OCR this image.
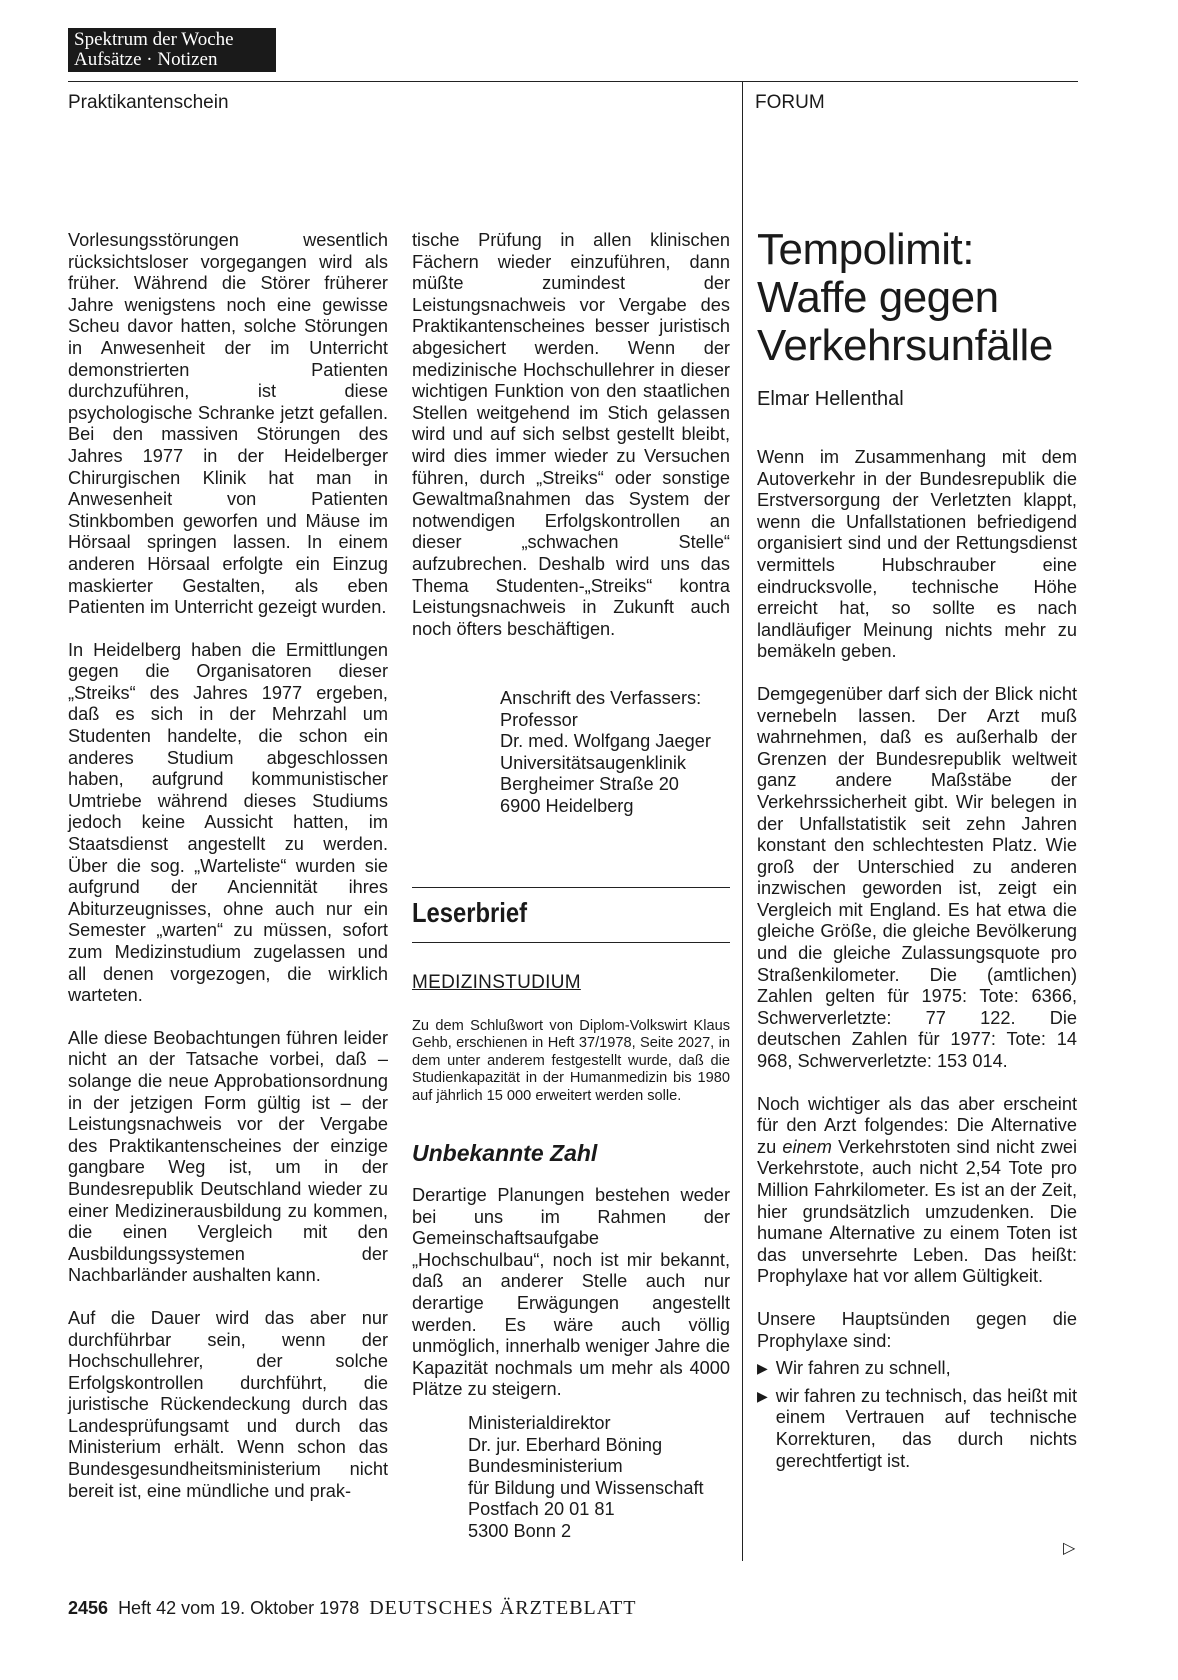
Spektrum der Woche
Aufsätze · Notizen
Praktikantenschein	FORUM

Vorlesungsstörungen wesentlich rücksichtsloser vorgegangen wird als früher. Während die Störer früherer Jahre wenigstens noch eine gewisse Scheu davor hatten, solche Störungen in Anwesenheit der im Unterricht demonstrierten Patienten durchzuführen, ist diese psychologische Schranke jetzt gefallen. Bei den massiven Störungen des Jahres 1977 in der Heidelberger Chirurgischen Klinik hat man in Anwesenheit von Patienten Stinkbomben geworfen und Mäuse im Hörsaal springen lassen. In einem anderen Hörsaal erfolgte ein Einzug maskierter Gestalten, als eben Patienten im Unterricht gezeigt wurden.

In Heidelberg haben die Ermittlungen gegen die Organisatoren dieser „Streiks“ des Jahres 1977 ergeben, daß es sich in der Mehrzahl um Studenten handelte, die schon ein anderes Studium abgeschlossen haben, aufgrund kommunistischer Umtriebe während dieses Studiums jedoch keine Aussicht hatten, im Staatsdienst angestellt zu werden. Über die sog. „Warteliste“ wurden sie aufgrund der Anciennität ihres Abiturzeugnisses, ohne auch nur ein Semester „warten“ zu müssen, sofort zum Medizinstudium zugelassen und all denen vorgezogen, die wirklich warteten.

Alle diese Beobachtungen führen leider nicht an der Tatsache vorbei, daß – solange die neue Approbationsordnung in der jetzigen Form gültig ist – der Leistungsnachweis vor der Vergabe des Praktikantenscheines der einzige gangbare Weg ist, um in der Bundesrepublik Deutschland wieder zu einer Medizinerausbildung zu kommen, die einen Vergleich mit den Ausbildungssystemen der Nachbarländer aushalten kann.

Auf die Dauer wird das aber nur durchführbar sein, wenn der Hochschullehrer, der solche Erfolgskontrollen durchführt, die juristische Rückendeckung durch das Landesprüfungsamt und durch das Ministerium erhält. Wenn schon das Bundesgesundheitsministerium nicht bereit ist, eine mündliche und prak-

tische Prüfung in allen klinischen Fächern wieder einzuführen, dann müßte zumindest der Leistungsnachweis vor Vergabe des Praktikantenscheines besser juristisch abgesichert werden. Wenn der medizinische Hochschullehrer in dieser wichtigen Funktion von den staatlichen Stellen weitgehend im Stich gelassen wird und auf sich selbst gestellt bleibt, wird dies immer wieder zu Versuchen führen, durch „Streiks“ oder sonstige Gewaltmaßnahmen das System der notwendigen Erfolgskontrollen an dieser „schwachen Stelle“ aufzubrechen. Deshalb wird uns das Thema Studenten-„Streiks“ kontra Leistungsnachweis in Zukunft auch noch öfters beschäftigen.

Anschrift des Verfassers:
Professor
Dr. med. Wolfgang Jaeger
Universitätsaugenklinik
Bergheimer Straße 20
6900 Heidelberg
Leserbrief
MEDIZINSTUDIUM
Zu dem Schlußwort von Diplom-Volkswirt Klaus Gehb, erschienen in Heft 37/1978, Seite 2027, in dem unter anderem festgestellt wurde, daß die Studienkapazität in der Humanmedizin bis 1980 auf jährlich 15 000 erweitert werden solle.
Unbekannte Zahl

Derartige Planungen bestehen weder bei uns im Rahmen der Gemeinschaftsaufgabe „Hochschulbau“, noch ist mir bekannt, daß an anderer Stelle auch nur derartige Erwägungen angestellt werden. Es wäre auch völlig unmöglich, innerhalb weniger Jahre die Kapazität nochmals um mehr als 4000 Plätze zu steigern.

Ministerialdirektor
Dr. jur. Eberhard Böning
Bundesministerium
für Bildung und Wissenschaft
Postfach 20 01 81
5300 Bonn 2
Tempolimit:
Waffe gegen
Verkehrsunfälle
Elmar Hellenthal

Wenn im Zusammenhang mit dem Autoverkehr in der Bundesrepublik die Erstversorgung der Verletzten klappt, wenn die Unfallstationen befriedigend organisiert sind und der Rettungsdienst vermittels Hubschrauber eine eindrucksvolle, technische Höhe erreicht hat, so sollte es nach landläufiger Meinung nichts mehr zu bemäkeln geben.

Demgegenüber darf sich der Blick nicht vernebeln lassen. Der Arzt muß wahrnehmen, daß es außerhalb der Grenzen der Bundesrepublik weltweit ganz andere Maßstäbe der Verkehrssicherheit gibt. Wir belegen in der Unfallstatistik seit zehn Jahren konstant den schlechtesten Platz. Wie groß der Unterschied zu anderen inzwischen geworden ist, zeigt ein Vergleich mit England. Es hat etwa die gleiche Größe, die gleiche Bevölkerung und die gleiche Zulassungsquote pro Straßenkilometer. Die (amtlichen) Zahlen gelten für 1975: Tote: 6366, Schwerverletzte: 77 122. Die deutschen Zahlen für 1977: Tote: 14 968, Schwerverletzte: 153 014.

Noch wichtiger als das aber erscheint für den Arzt folgendes: Die Alternative zu einem Verkehrstoten sind nicht zwei Verkehrstote, auch nicht 2,54 Tote pro Million Fahrkilometer. Es ist an der Zeit, hier grundsätzlich umzudenken. Die humane Alternative zu einem Toten ist das unversehrte Leben. Das heißt: Prophylaxe hat vor allem Gültigkeit.

Unsere Hauptsünden gegen die Prophylaxe sind:

▶ Wir fahren zu schnell,
▶ wir fahren zu technisch, das heißt mit einem Vertrauen auf technische Korrekturen, das durch nichts gerechtfertigt ist.
▷
2456 Heft 42 vom 19. Oktober 1978 DEUTSCHES ÄRZTEBLATT
